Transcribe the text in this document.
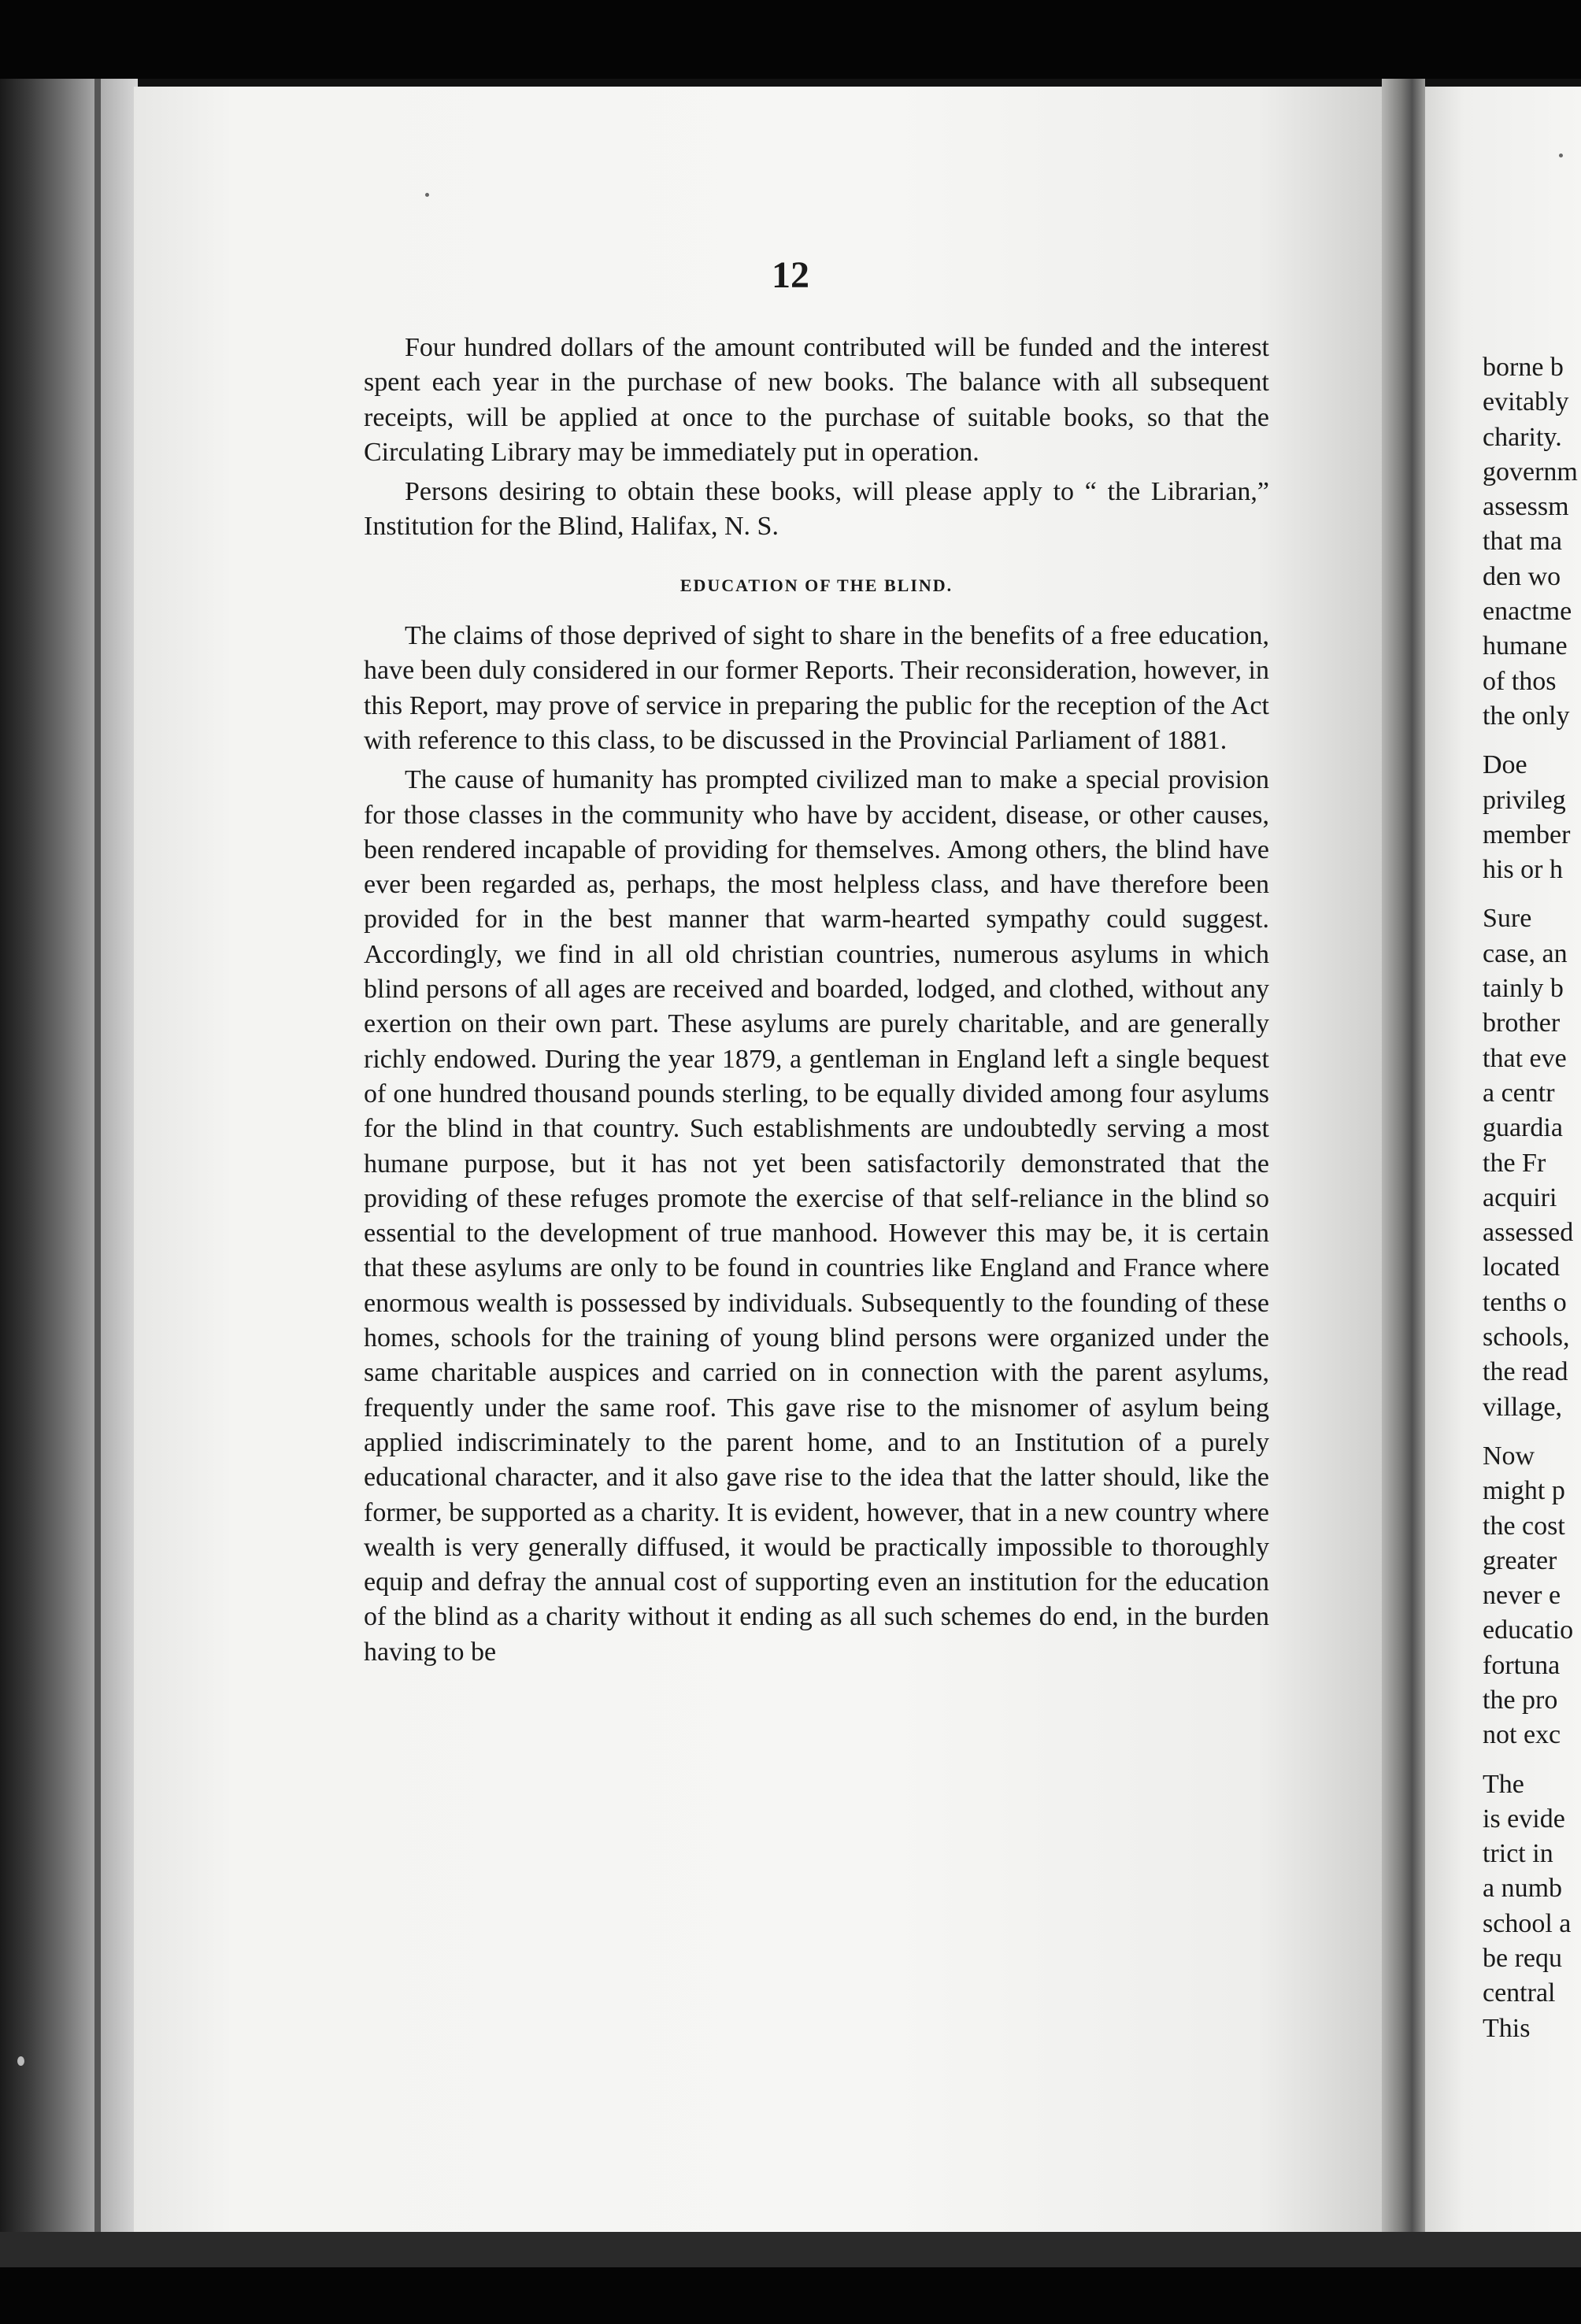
12

Four hundred dollars of the amount contributed will be funded and the interest spent each year in the purchase of new books. The balance with all subsequent receipts, will be applied at once to the purchase of suitable books, so that the Circulating Library may be immediately put in operation.

Persons desiring to obtain these books, will please apply to “ the Librarian,” Institution for the Blind, Halifax, N. S.

EDUCATION OF THE BLIND.

The claims of those deprived of sight to share in the benefits of a free education, have been duly considered in our former Reports. Their reconsideration, however, in this Report, may prove of service in preparing the public for the reception of the Act with reference to this class, to be discussed in the Provincial Parliament of 1881.

The cause of humanity has prompted civilized man to make a special provision for those classes in the community who have by accident, disease, or other causes, been rendered incapable of providing for themselves. Among others, the blind have ever been regarded as, perhaps, the most helpless class, and have therefore been provided for in the best manner that warm-hearted sympathy could suggest. Accordingly, we find in all old christian countries, numerous asylums in which blind persons of all ages are received and boarded, lodged, and clothed, without any exertion on their own part. These asylums are purely charitable, and are generally richly endowed. During the year 1879, a gentleman in England left a single bequest of one hundred thousand pounds sterling, to be equally divided among four asylums for the blind in that country. Such establishments are undoubtedly serving a most humane purpose, but it has not yet been satisfactorily demonstrated that the providing of these refuges promote the exercise of that self-reliance in the blind so essential to the development of true manhood. However this may be, it is certain that these asylums are only to be found in countries like England and France where enormous wealth is possessed by individuals. Subsequently to the founding of these homes, schools for the training of young blind persons were organized under the same charitable auspices and carried on in connection with the parent asylums, frequently under the same roof. This gave rise to the misnomer of asylum being applied indiscriminately to the parent home, and to an Institution of a purely educational character, and it also gave rise to the idea that the latter should, like the former, be supported as a charity. It is evident, however, that in a new country where wealth is very generally diffused, it would be practically impossible to thoroughly equip and defray the annual cost of supporting even an institution for the education of the blind as a charity without it ending as all such schemes do end, in the burden having to be

borne b
evitably
charity.
governm
assessm
that ma
den wo
enactme
humane
of thos
the only
Doe
privileg
member
his or h
Sure
case, an
tainly b
brother
that eve
a centr
guardia
the Fr
acquiri
assessed
located
tenths o
schools,
the read
village,
Now
might p
the cost
greater
never e
educatio
fortuna
the pro
not exc
The
is evide
trict in
a numb
school a
be requ
central
This
